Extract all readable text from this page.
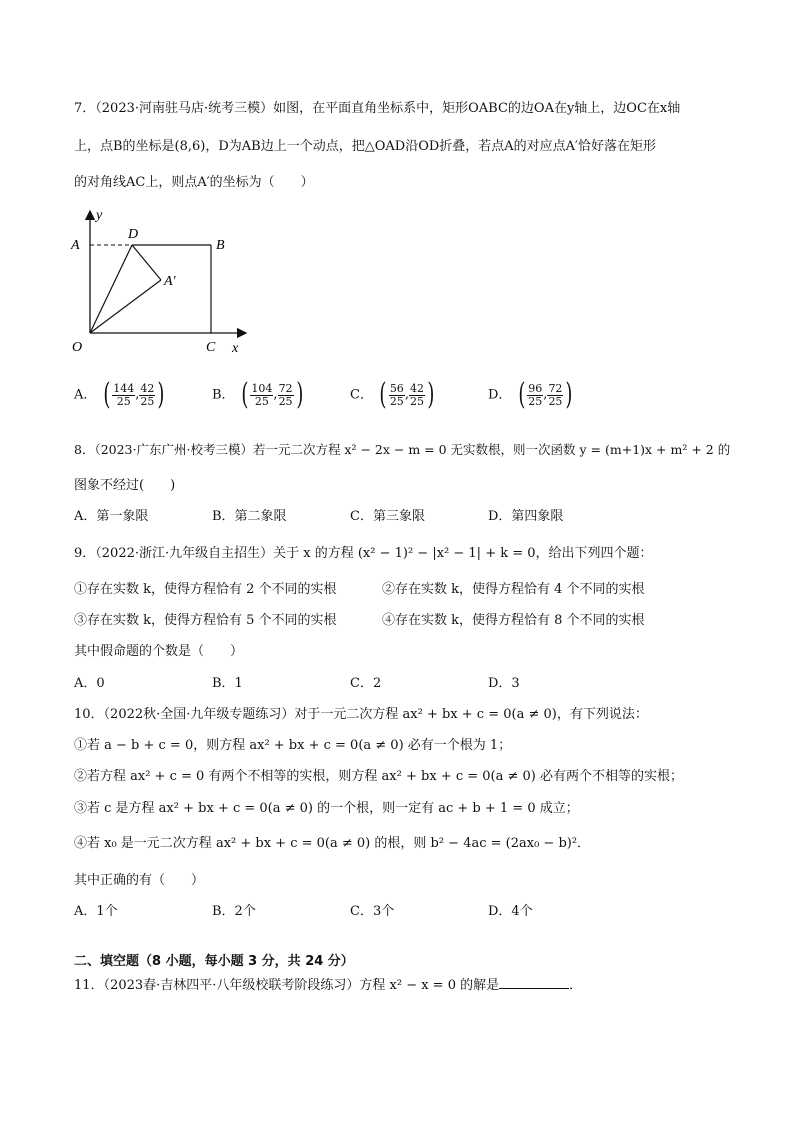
7．（2023·河南驻马店·统考三模）如图，在平面直角坐标系中，矩形OABC的边OA在y轴上，边OC在x轴
上，点B的坐标是(8,6)，D为AB边上一个动点，把△OAD沿OD折叠，若点A的对应点A′恰好落在矩形
的对角线AC上，则点A′的坐标为（　　）
y
A
D
B
A′
O	C x
A． ( $\frac{144}{25}$ , $\frac{42}{25}$ )	B． ( $\frac{104}{25}$ , $\frac{72}{25}$ )	C． ( $\frac{56}{25}$ , $\frac{42}{25}$ )	D． ( $\frac{96}{25}$ , $\frac{72}{25}$ )
8．（2023·广东广州·校考三模）若一元二次方程 x² − 2x − m = 0 无实数根，则一次函数 y = (m+1)x + m² + 2 的
图象不经过(　　)
A．第一象限	B．第二象限	C．第三象限	D．第四象限
9．（2022·浙江·九年级自主招生）关于 x 的方程 (x² − 1)² − |x² − 1| + k = 0，给出下列四个题：
①存在实数 k，使得方程恰有 2 个不同的实根	②存在实数 k，使得方程恰有 4 个不同的实根
③存在实数 k，使得方程恰有 5 个不同的实根	④存在实数 k，使得方程恰有 8 个不同的实根
其中假命题的个数是（　　）
A．0	B．1	C．2	D．3
10．（2022秋·全国·九年级专题练习）对于一元二次方程 ax² + bx + c = 0(a ≠ 0)，有下列说法：
①若 a − b + c = 0，则方程 ax² + bx + c = 0(a ≠ 0) 必有一个根为 1；
②若方程 ax² + c = 0 有两个不相等的实根，则方程 ax² + bx + c = 0(a ≠ 0) 必有两个不相等的实根；
③若 c 是方程 ax² + bx + c = 0(a ≠ 0) 的一个根，则一定有 ac + b + 1 = 0 成立；
④若 x₀ 是一元二次方程 ax² + bx + c = 0(a ≠ 0) 的根，则 b² − 4ac = (2ax₀ − b)²．
其中正确的有（　　）
A．1个	B．2个	C．3个	D．4个
二、填空题（8 小题，每小题 3 分，共 24 分）
11．（2023春·吉林四平·八年级校联考阶段练习）方程 x² − x = 0 的解是	．
